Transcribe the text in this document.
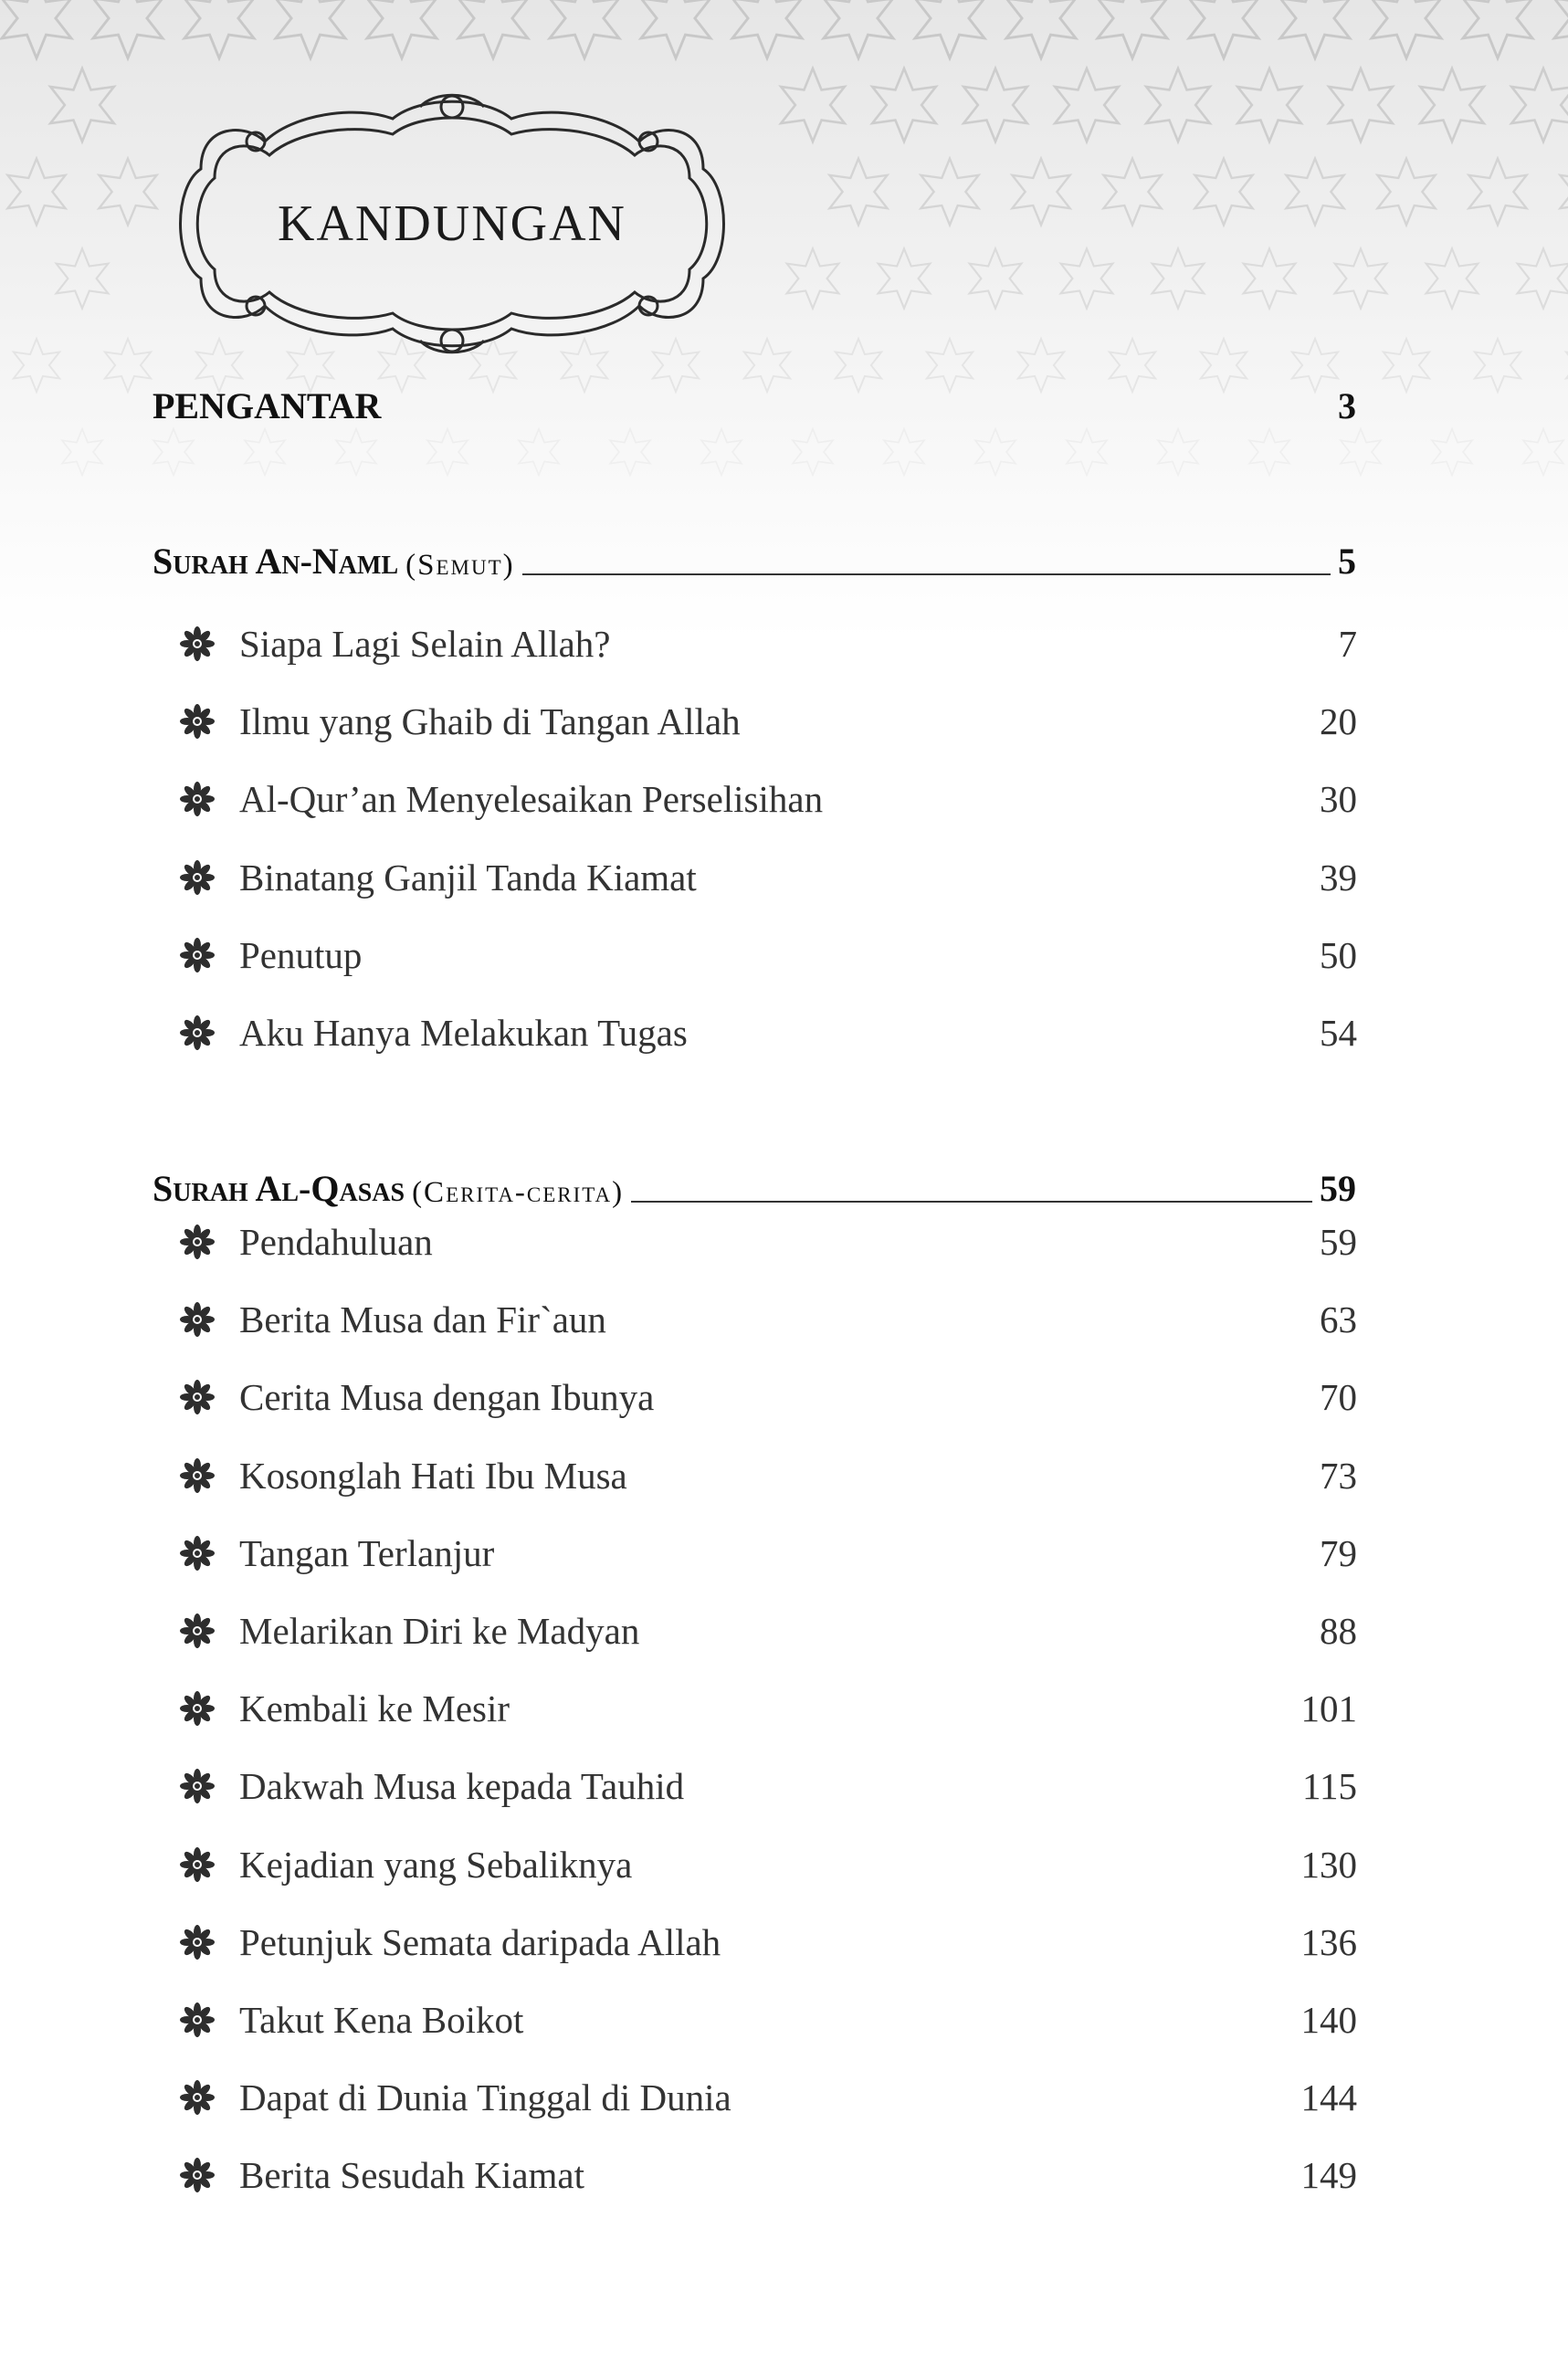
KANDUNGAN
PENGANTAR	3
Surah An-Naml (Semut)	5
Siapa Lagi Selain Allah?	7
Ilmu yang Ghaib di Tangan Allah	20
Al-Qur’an Menyelesaikan Perselisihan	30
Binatang Ganjil Tanda Kiamat	39
Penutup	50
Aku Hanya Melakukan Tugas	54
Surah Al-Qasas (Cerita-cerita)	59
Pendahuluan	59
Berita Musa dan Fir`aun	63
Cerita Musa dengan Ibunya	70
Kosonglah Hati Ibu Musa	73
Tangan Terlanjur	79
Melarikan Diri ke Madyan	88
Kembali ke Mesir	101
Dakwah Musa kepada Tauhid	115
Kejadian yang Sebaliknya	130
Petunjuk Semata daripada Allah	136
Takut Kena Boikot	140
Dapat di Dunia Tinggal di Dunia	144
Berita Sesudah Kiamat	149
